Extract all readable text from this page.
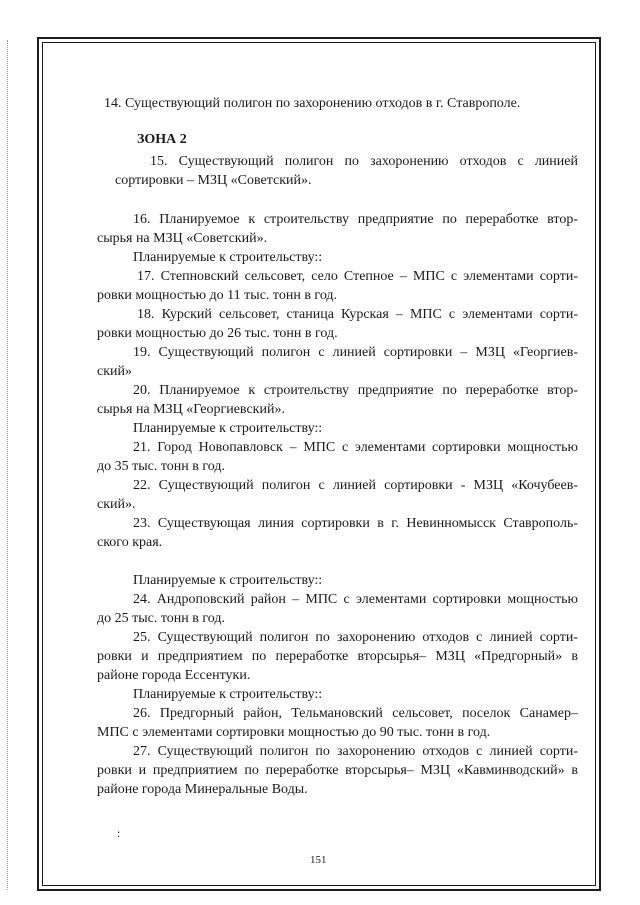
14. Существующий полигон по захоронению отходов в г. Ставрополе.
ЗОНА 2
15. Существующий полигон по захоронению отходов с линией
сортировки – МЗЦ «Советский».
16. Планируемое к строительству предприятие по переработке втор-
сырья на МЗЦ «Советский».
Планируемые к строительству::
17. Степновский сельсовет, село Степное – МПС с элементами сорти-
ровки мощностью до 11 тыс. тонн в год.
18. Курский сельсовет, станица Курская – МПС с элементами сорти-
ровки мощностью до 26 тыс. тонн в год.
19. Существующий полигон с линией сортировки – МЗЦ «Георгиев-
ский»
20. Планируемое к строительству предприятие по переработке втор-
сырья на МЗЦ «Георгиевский».
Планируемые к строительству::
21. Город Новопавловск – МПС с элементами сортировки мощностью
до 35 тыс. тонн в год.
22. Существующий полигон с линией сортировки - МЗЦ «Кочубеев-
ский».
23. Существующая линия сортировки в г. Невинномысск Ставрополь-
ского края.
Планируемые к строительству::
24. Андроповский район – МПС с элементами сортировки мощностью
до 25 тыс. тонн в год.
25. Существующий полигон по захоронению отходов с линией сорти-
ровки и предприятием по переработке вторсырья– МЗЦ «Предгорный» в
районе города Ессентуки.
Планируемые к строительству::
26. Предгорный район, Тельмановский сельсовет, поселок Санамер–
МПС с элементами сортировки мощностью до 90 тыс. тонн в год.
27. Существующий полигон по захоронению отходов с линией сорти-
ровки и предприятием по переработке вторсырья– МЗЦ «Кавминводский» в
районе города Минеральные Воды.
:
151
